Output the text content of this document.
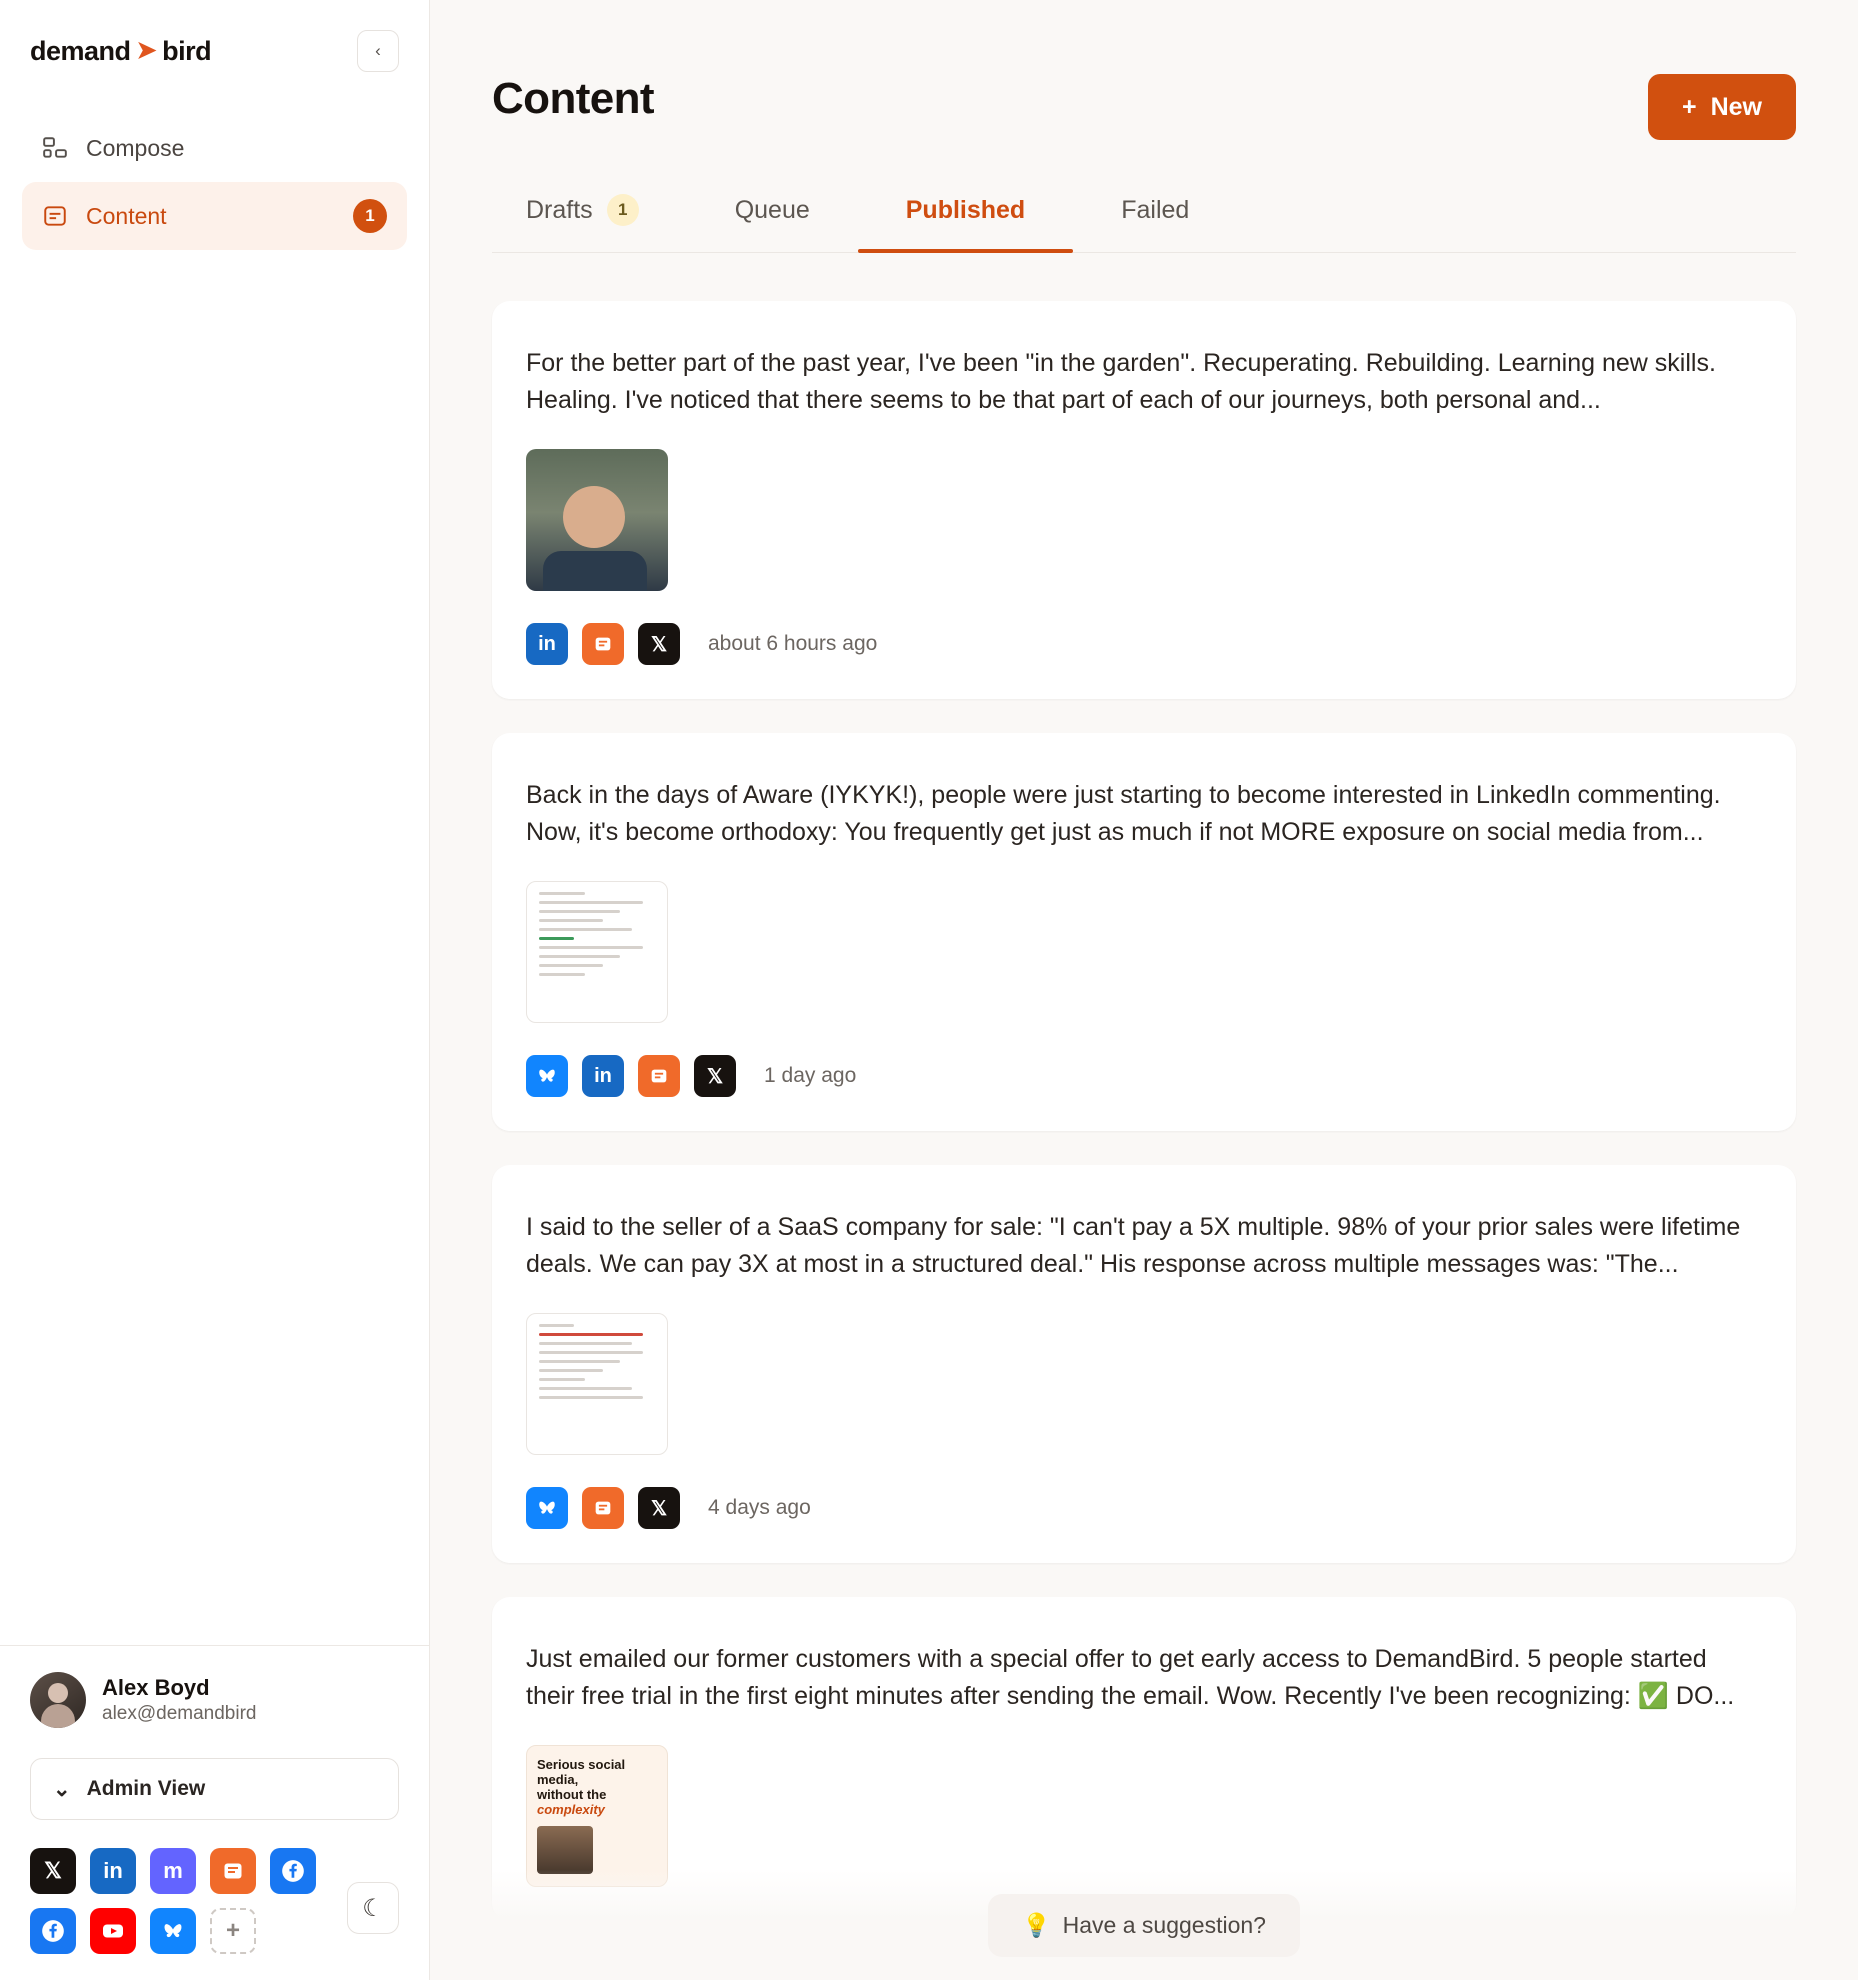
demand ➤ bird	‹
Compose
Content	1
Alex Boyd
alex@demandbird
⌄ Admin View
𝕏	in	m
+
☾
Content	+ New
Drafts	1	Queue	Published	Failed
For the better part of the past year, I've been "in the garden". Recuperating. Rebuilding. Learning new skills. Healing. I've noticed that there seems to be that part of each of our journeys, both personal and...
in	𝕏	about 6 hours ago
Back in the days of Aware (IYKYK!), people were just starting to become interested in LinkedIn commenting. Now, it's become orthodoxy: You frequently get just as much if not MORE exposure on social media from...
in	𝕏	1 day ago
I said to the seller of a SaaS company for sale: "I can't pay a 5X multiple. 98% of your prior sales were lifetime deals. We can pay 3X at most in a structured deal." His response across multiple messages was: "The...
𝕏	4 days ago
Just emailed our former customers with a special offer to get early access to DemandBird. 5 people started their free trial in the first eight minutes after sending the email. Wow. Recently I've been recognizing: ✅ DO...
Serious social media,
without the complexity
💡 Have a suggestion?
